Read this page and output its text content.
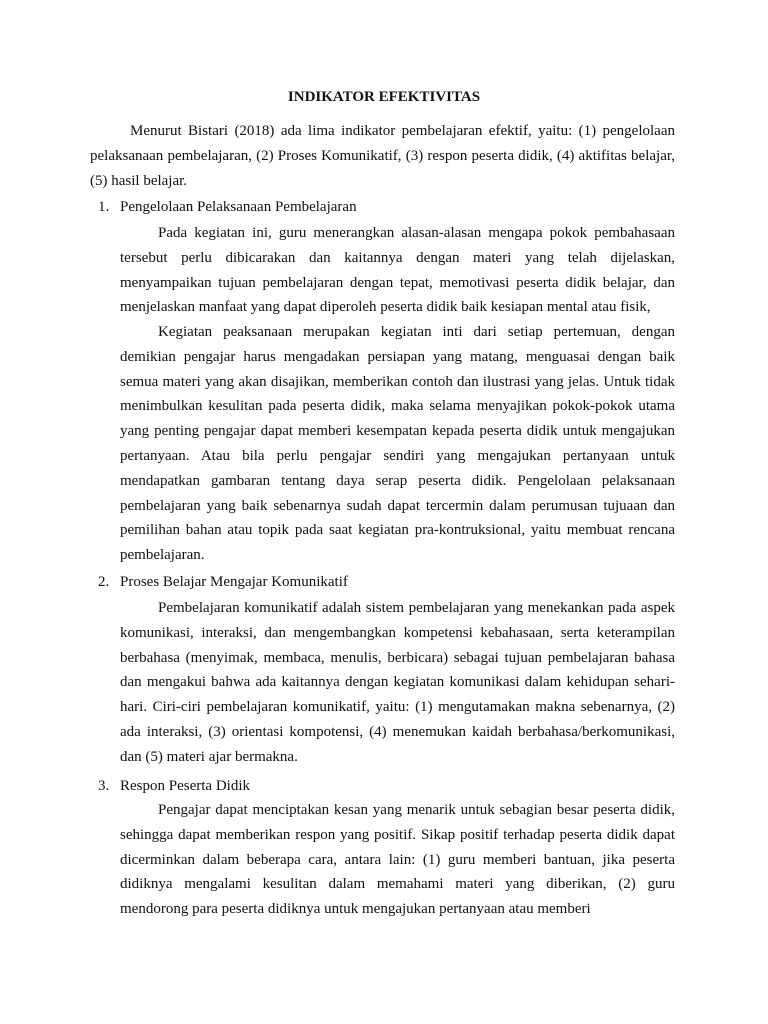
INDIKATOR EFEKTIVITAS

Menurut Bistari (2018) ada lima indikator pembelajaran efektif, yaitu: (1) pengelolaan pelaksanaan pembelajaran, (2) Proses Komunikatif, (3) respon peserta didik, (4) aktifitas belajar, (5) hasil belajar.

1. Pengelolaan Pelaksanaan Pembelajaran

Pada kegiatan ini, guru menerangkan alasan-alasan mengapa pokok pembahasaan tersebut perlu dibicarakan dan kaitannya dengan materi yang telah dijelaskan, menyampaikan tujuan pembelajaran dengan tepat, memotivasi peserta didik belajar, dan menjelaskan manfaat yang dapat diperoleh peserta didik baik kesiapan mental atau fisik,

Kegiatan peaksanaan merupakan kegiatan inti dari setiap pertemuan, dengan demikian pengajar harus mengadakan persiapan yang matang, menguasai dengan baik semua materi yang akan disajikan, memberikan contoh dan ilustrasi yang jelas. Untuk tidak menimbulkan kesulitan pada peserta didik, maka selama menyajikan pokok-pokok utama yang penting pengajar dapat memberi kesempatan kepada peserta didik untuk mengajukan pertanyaan. Atau bila perlu pengajar sendiri yang mengajukan pertanyaan untuk mendapatkan gambaran tentang daya serap peserta didik. Pengelolaan pelaksanaan pembelajaran yang baik sebenarnya sudah dapat tercermin dalam perumusan tujuaan dan pemilihan bahan atau topik pada saat kegiatan pra-kontruksional, yaitu membuat rencana pembelajaran.

2. Proses Belajar Mengajar Komunikatif

Pembelajaran komunikatif adalah sistem pembelajaran yang menekankan pada aspek komunikasi, interaksi, dan mengembangkan kompetensi kebahasaan, serta keterampilan berbahasa (menyimak, membaca, menulis, berbicara) sebagai tujuan pembelajaran bahasa dan mengakui bahwa ada kaitannya dengan kegiatan komunikasi dalam kehidupan sehari-hari. Ciri-ciri pembelajaran komunikatif, yaitu: (1) mengutamakan makna sebenarnya, (2) ada interaksi, (3) orientasi kompotensi, (4) menemukan kaidah berbahasa/berkomunikasi, dan (5) materi ajar bermakna.

3. Respon Peserta Didik

Pengajar dapat menciptakan kesan yang menarik untuk sebagian besar peserta didik, sehingga dapat memberikan respon yang positif. Sikap positif terhadap peserta didik dapat dicerminkan dalam beberapa cara, antara lain: (1) guru memberi bantuan, jika peserta didiknya mengalami kesulitan dalam memahami materi yang diberikan, (2) guru mendorong para peserta didiknya untuk mengajukan pertanyaan atau memberi
